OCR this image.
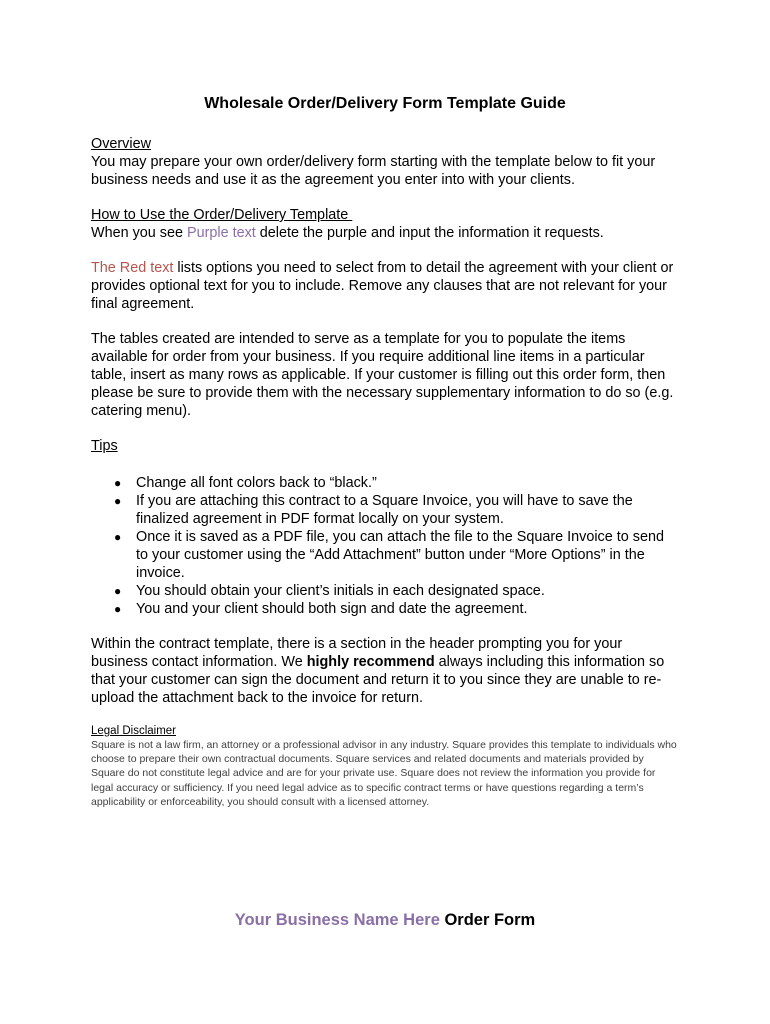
Wholesale Order/Delivery Form Template Guide
Overview

You may prepare your own order/delivery form starting with the template below to fit your business needs and use it as the agreement you enter into with your clients.

How to Use the Order/Delivery Template

When you see Purple text delete the purple and input the information it requests.

The Red text lists options you need to select from to detail the agreement with your client or provides optional text for you to include. Remove any clauses that are not relevant for your final agreement.

The tables created are intended to serve as a template for you to populate the items available for order from your business. If you require additional line items in a particular table, insert as many rows as applicable. If your customer is filling out this order form, then please be sure to provide them with the necessary supplementary information to do so (e.g. catering menu).

Tips
● Change all font colors back to “black.”
● If you are attaching this contract to a Square Invoice, you will have to save the finalized agreement in PDF format locally on your system.
● Once it is saved as a PDF file, you can attach the file to the Square Invoice to send to your customer using the “Add Attachment” button under “More Options” in the invoice.
● You should obtain your client’s initials in each designated space.
● You and your client should both sign and date the agreement.

Within the contract template, there is a section in the header prompting you for your business contact information. We highly recommend always including this information so that your customer can sign the document and return it to you since they are unable to re-upload the attachment back to the invoice for return.

Legal Disclaimer

Square is not a law firm, an attorney or a professional advisor in any industry. Square provides this template to individuals who choose to prepare their own contractual documents. Square services and related documents and materials provided by Square do not constitute legal advice and are for your private use. Square does not review the information you provide for legal accuracy or sufficiency. If you need legal advice as to specific contract terms or have questions regarding a term’s applicability or enforceability, you should consult with a licensed attorney.

Your Business Name Here Order Form
